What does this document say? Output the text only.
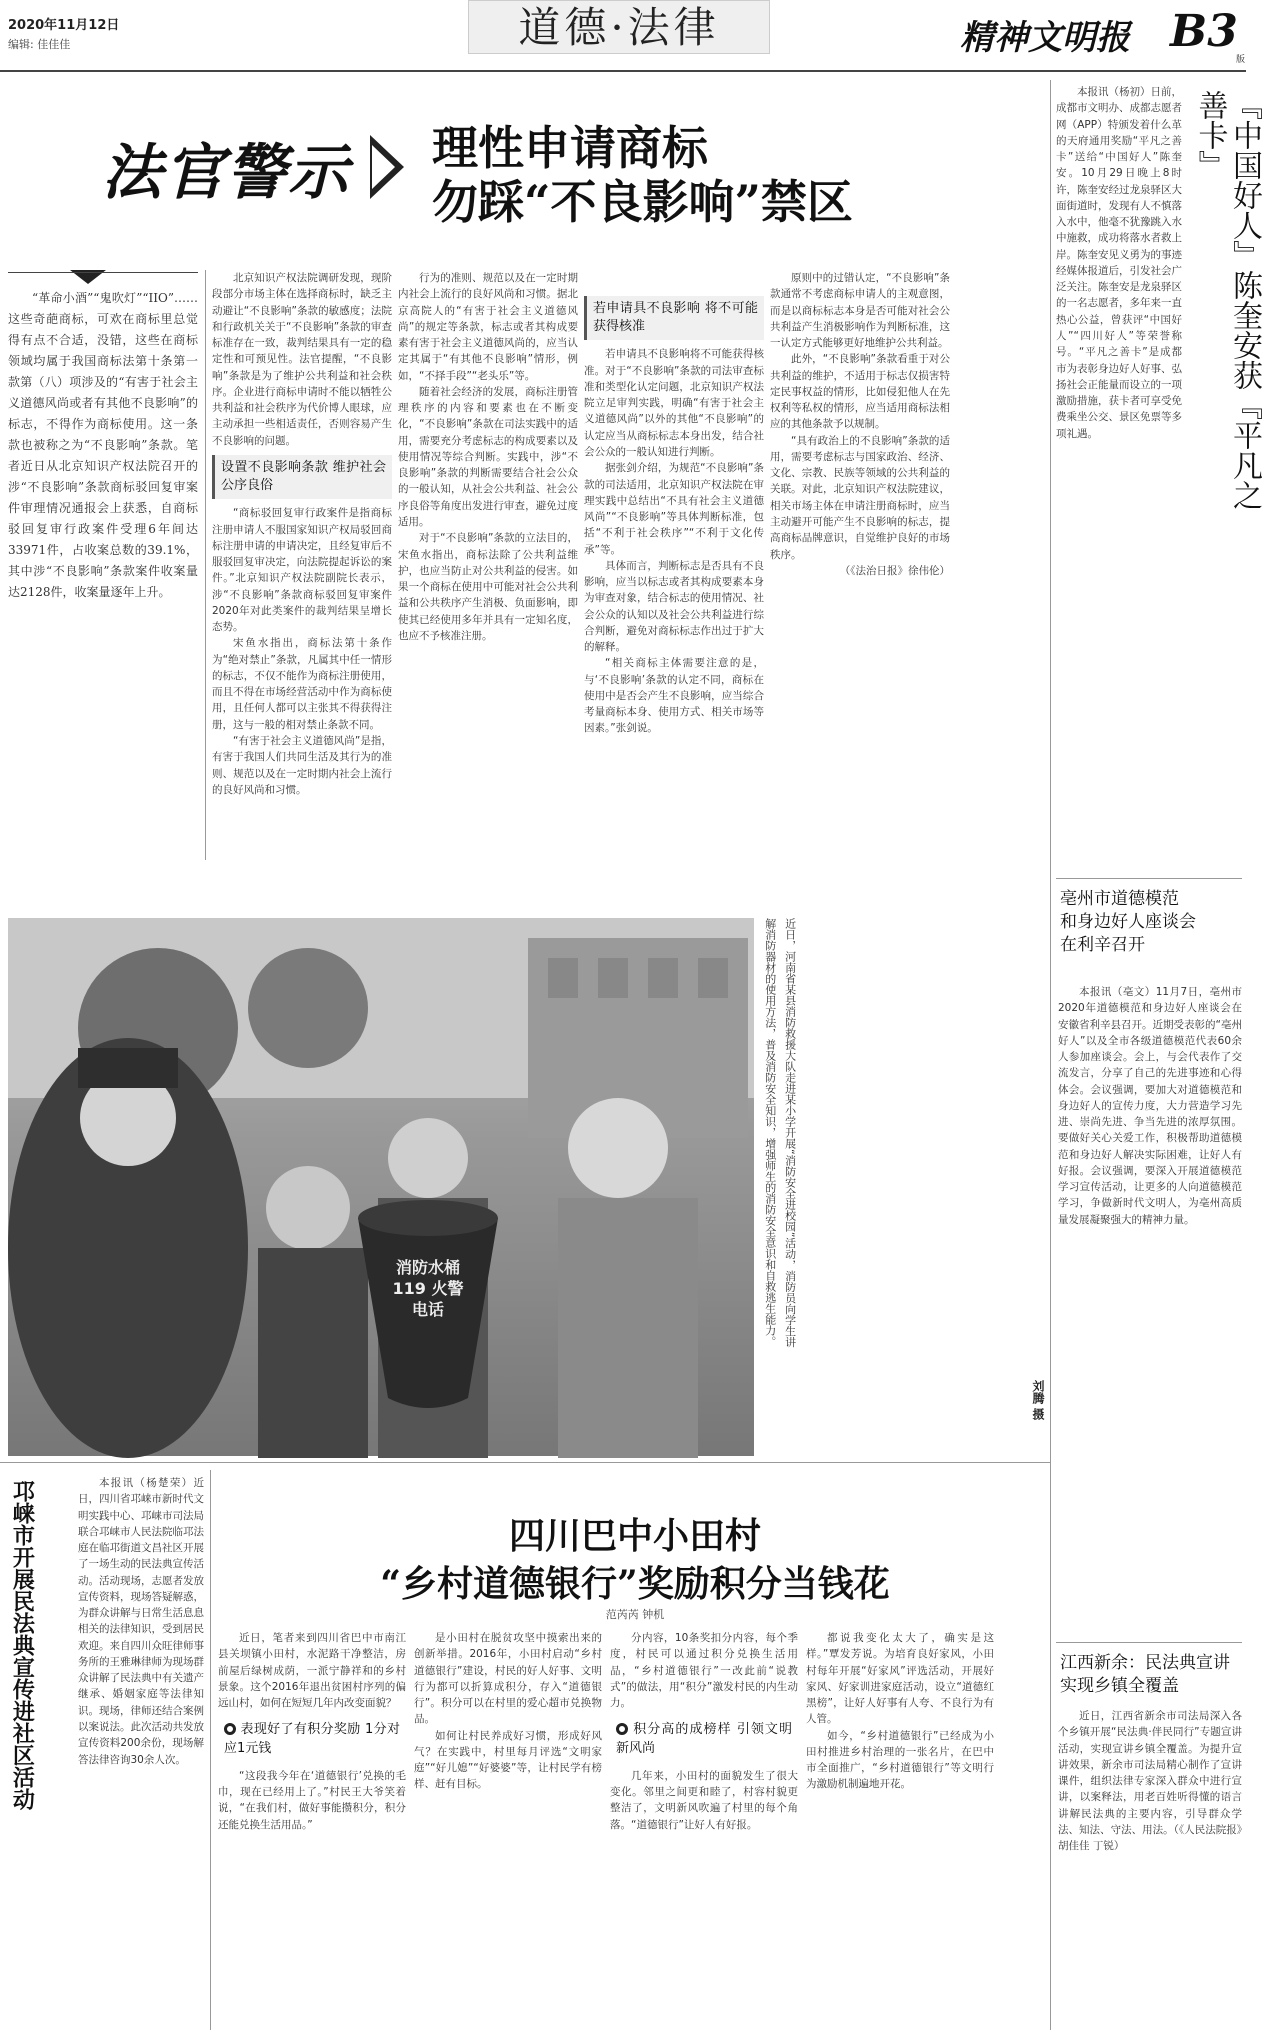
2020年11月12日
编辑: 佳佳佳	道德·法律	精神文明报 B3
版
法官警示 理性申请商标
勿踩“不良影响”禁区

“革命小酒”“鬼吹灯”“IIO”……这些奇葩商标，可欢在商标里总觉得有点不合适，没错，这些在商标领域均属于我国商标法第十条第一款第（八）项涉及的“有害于社会主义道德风尚或者有其他不良影响”的标志，不得作为商标使用。这一条款也被称之为“不良影响”条款。笔者近日从北京知识产权法院召开的涉“不良影响”条款商标驳回复审案件审理情况通报会上获悉，自商标驳回复审行政案件受理6年间达33971件，占收案总数的39.1%，其中涉“不良影响”条款案件收案量达2128件，收案量逐年上升。

北京知识产权法院调研发现，现阶段部分市场主体在选择商标时，缺乏主动避让“不良影响”条款的敏感度；法院和行政机关关于“不良影响”条款的审查标准存在一致，裁判结果具有一定的稳定性和可预见性。法官提醒，“不良影响”条款是为了维护公共利益和社会秩序。企业进行商标申请时不能以牺牲公共利益和社会秩序为代价博人眼球，应主动承担一些相适责任，否则容易产生不良影响的问题。

设置不良影响条款 维护社会公序良俗

“商标驳回复审行政案件是指商标注册申请人不服国家知识产权局驳回商标注册申请的申请决定，且经复审后不服驳回复审决定，向法院提起诉讼的案件。”北京知识产权法院副院长表示，涉“不良影响”条款商标驳回复审案件2020年对此类案件的裁判结果呈增长态势。

宋鱼水指出，商标法第十条作为“绝对禁止”条款，凡属其中任一情形的标志，不仅不能作为商标注册使用，而且不得在市场经营活动中作为商标使用，且任何人都可以主张其不得获得注册，这与一般的相对禁止条款不同。

“有害于社会主义道德风尚”是指，有害于我国人们共同生活及其行为的准则、规范以及在一定时期内社会上流行的良好风尚和习惯。

行为的准则、规范以及在一定时期内社会上流行的良好风尚和习惯。据北京高院人的“有害于社会主义道德风尚”的规定等条款，标志或者其构成要素有害于社会主义道德风尚的，应当认定其属于“有其他不良影响”情形，例如，“不择手段”“老头乐”等。

随着社会经济的发展，商标注册管理秩序的内容和要素也在不断变化，“不良影响”条款在司法实践中的适用，需要充分考虑标志的构成要素以及使用情况等综合判断。实践中，涉“不良影响”条款的判断需要结合社会公众的一般认知，从社会公共利益、社会公序良俗等角度出发进行审查，避免过度适用。

对于“不良影响”条款的立法目的，宋鱼水指出，商标法除了公共利益维护，也应当防止对公共利益的侵害。如果一个商标在使用中可能对社会公共利益和公共秩序产生消极、负面影响，即使其已经使用多年并具有一定知名度，也应不予核准注册。

若申请具不良影响 将不可能获得核准

若申请具不良影响将不可能获得核准。对于“不良影响”条款的司法审查标准和类型化认定问题，北京知识产权法院立足审判实践，明确“有害于社会主义道德风尚”以外的其他“不良影响”的认定应当从商标标志本身出发，结合社会公众的一般认知进行判断。

据张剑介绍，为规范“不良影响”条款的司法适用，北京知识产权法院在审理实践中总结出“不具有社会主义道德风尚”“不良影响”等具体判断标准，包括“不利于社会秩序”“不利于文化传承”等。

具体而言，判断标志是否具有不良影响，应当以标志或者其构成要素本身为审查对象，结合标志的使用情况、社会公众的认知以及社会公共利益进行综合判断，避免对商标标志作出过于扩大的解释。

“相关商标主体需要注意的是，与‘不良影响’条款的认定不同，商标在使用中是否会产生不良影响，应当综合考量商标本身、使用方式、相关市场等因素。”张剑说。

原则中的过错认定，“不良影响”条款通常不考虑商标申请人的主观意图，而是以商标标志本身是否可能对社会公共利益产生消极影响作为判断标准，这一认定方式能够更好地维护公共利益。

此外，“不良影响”条款看重于对公共利益的维护，不适用于标志仅损害特定民事权益的情形，比如侵犯他人在先权利等私权的情形，应当适用商标法相应的其他条款予以规制。

“具有政治上的不良影响”条款的适用，需要考虑标志与国家政治、经济、文化、宗教、民族等领域的公共利益的关联。对此，北京知识产权法院建议，相关市场主体在申请注册商标时，应当主动避开可能产生不良影响的标志，提高商标品牌意识，自觉维护良好的市场秩序。

（《法治日报》徐伟伦）

消防水桶 119 火警电话	近日，河南省某县消防救援大队走进某小学开展“消防安全进校园”活动，消防员向学生讲解消防器材的使用方法，普及消防安全知识，增强师生的消防安全意识和自救逃生能力。
刘腾 摄
邛崃市开展民法典宣传进社区活动	本报讯（杨楚荣）近日，四川省邛崃市新时代文明实践中心、邛崃市司法局联合邛崃市人民法院临邛法庭在临邛街道文昌社区开展了一场生动的民法典宣传活动。活动现场，志愿者发放宣传资料，现场答疑解惑，为群众讲解与日常生活息息相关的法律知识，受到居民欢迎。来自四川众旺律师事务所的王雅琳律师为现场群众讲解了民法典中有关遗产继承、婚姻家庭等法律知识。现场，律师还结合案例以案说法。此次活动共发放宣传资料200余份，现场解答法律咨询30余人次。

四川巴中小田村
“乡村道德银行”奖励积分当钱花
范芮芮 钟机

近日，笔者来到四川省巴中市南江县关坝镇小田村，水泥路干净整洁，房前屋后绿树成荫，一派宁静祥和的乡村景象。这个2016年退出贫困村序列的偏远山村，如何在短短几年内改变面貌？

表现好了有积分奖励 1分对应1元钱

“这段我今年在‘道德银行’兑换的毛巾，现在已经用上了。”村民王大爷笑着说，“在我们村，做好事能攒积分，积分还能兑换生活用品。”

是小田村在脱贫攻坚中摸索出来的创新举措。2016年，小田村启动“乡村道德银行”建设，村民的好人好事、文明行为都可以折算成积分，存入“道德银行”。积分可以在村里的爱心超市兑换物品。

如何让村民养成好习惯，形成好风气？在实践中，村里每月评选“文明家庭”“好儿媳”“好婆婆”等，让村民学有榜样、赶有目标。

分内容，10条奖扣分内容，每个季度，村民可以通过积分兑换生活用品，“乡村道德银行”一改此前“说教式”的做法，用“积分”激发村民的内生动力。

积分高的成榜样 引领文明新风尚

几年来，小田村的面貌发生了很大变化。邻里之间更和睦了，村容村貌更整洁了，文明新风吹遍了村里的每个角落。“道德银行”让好人有好报。

都说我变化太大了，确实是这样。”覃发芳说。为培育良好家风，小田村每年开展“好家风”评选活动，开展好家风、好家训进家庭活动，设立“道德红黑榜”，让好人好事有人夸、不良行为有人管。

如今，“乡村道德银行”已经成为小田村推进乡村治理的一张名片，在巴中市全面推广，“乡村道德银行”等文明行为激励机制遍地开花。

本报讯（杨初）日前，成都市文明办、成都志愿者网（APP）特颁发着什么革的天府通用奖励“平凡之善卡”送给“中国好人”陈奎安。10月29日晚上8时许，陈奎安经过龙泉驿区大面街道时，发现有人不慎落入水中，他毫不犹豫跳入水中施救，成功将落水者救上岸。陈奎安见义勇为的事迹经媒体报道后，引发社会广泛关注。陈奎安是龙泉驿区的一名志愿者，多年来一直热心公益，曾获评“中国好人”“四川好人”等荣誉称号。“平凡之善卡”是成都市为表彰身边好人好事、弘扬社会正能量而设立的一项激励措施，获卡者可享受免费乘坐公交、景区免票等多项礼遇。	『中国好人』陈奎安获『平凡之善卡』
亳州市道德模范
和身边好人座谈会
在利辛召开

本报讯（亳文）11月7日，亳州市2020年道德模范和身边好人座谈会在安徽省利辛县召开。近期受表彰的“亳州好人”以及全市各级道德模范代表60余人参加座谈会。会上，与会代表作了交流发言，分享了自己的先进事迹和心得体会。会议强调，要加大对道德模范和身边好人的宣传力度，大力营造学习先进、崇尚先进、争当先进的浓厚氛围。要做好关心关爱工作，积极帮助道德模范和身边好人解决实际困难，让好人有好报。会议强调，要深入开展道德模范学习宣传活动，让更多的人向道德模范学习，争做新时代文明人，为亳州高质量发展凝聚强大的精神力量。

江西新余：民法典宣讲
实现乡镇全覆盖

近日，江西省新余市司法局深入各个乡镇开展“民法典·伴民同行”专题宣讲活动，实现宣讲乡镇全覆盖。为提升宣讲效果，新余市司法局精心制作了宣讲课件，组织法律专家深入群众中进行宣讲，以案释法，用老百姓听得懂的语言讲解民法典的主要内容，引导群众学法、知法、守法、用法。（《人民法院报》胡佳佳 丁锐）
